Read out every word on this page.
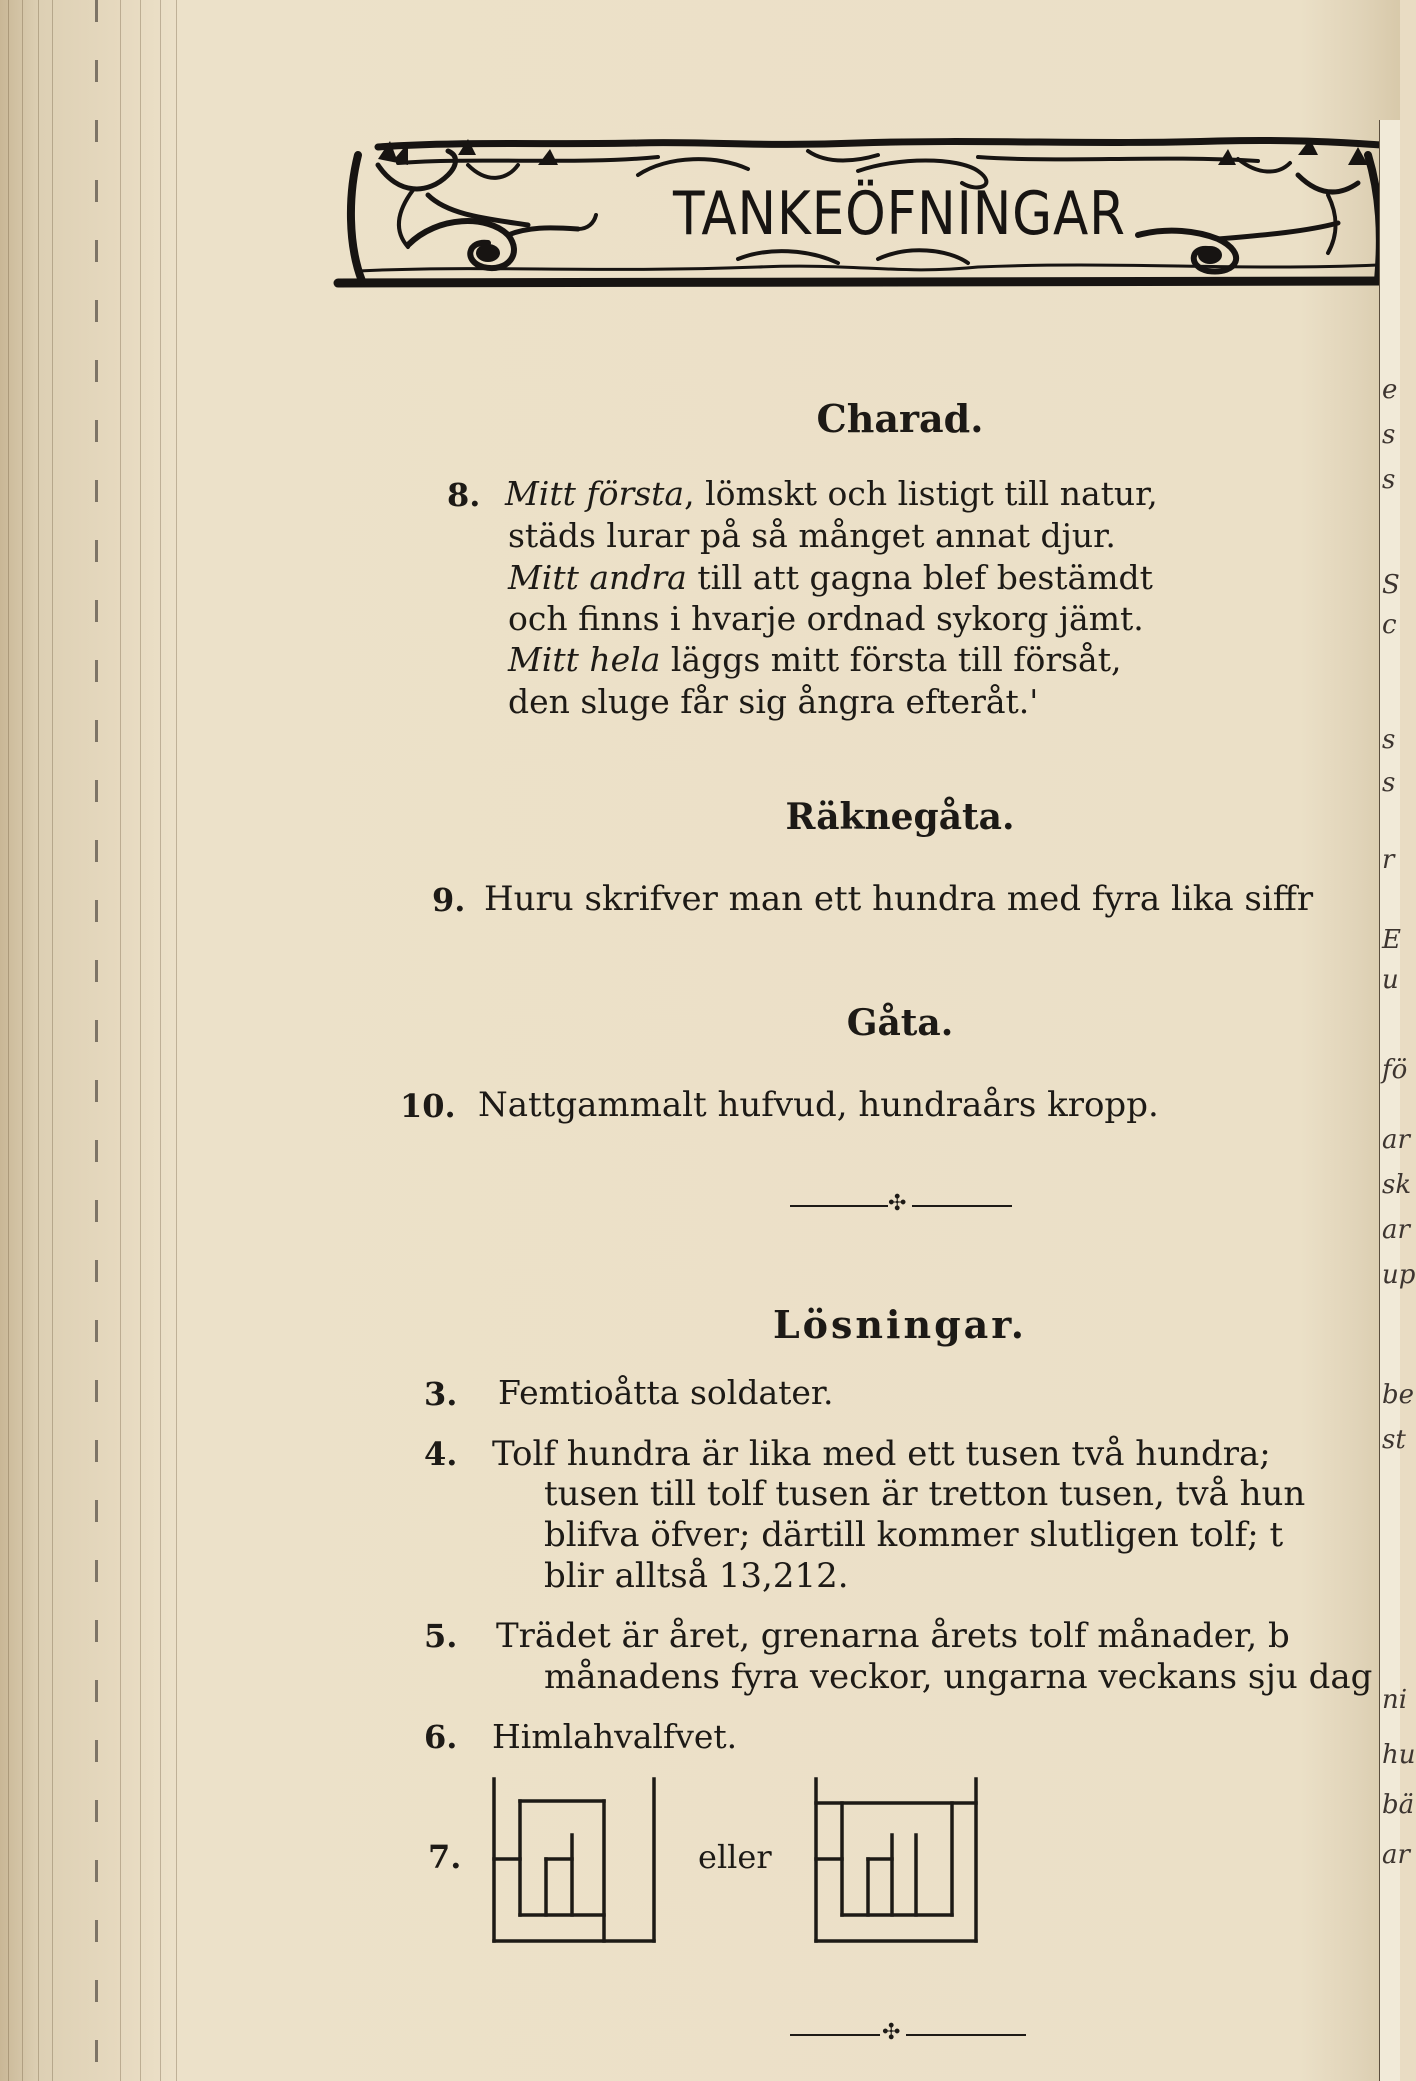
TANKEÖFNINGAR
Charad.
8. Mitt första, lömskt och listigt till natur,
städs lurar på så månget annat djur.
Mitt andra till att gagna blef bestämdt
och finns i hvarje ordnad sykorg jämt.
Mitt hela läggs mitt första till försåt,
den sluge får sig ångra efteråt.'
Räknegåta.
9. Huru skrifver man ett hundra med fyra lika siffr
Gåta.
10. Nattgammalt hufvud, hundraårs kropp.
✣
Lösningar.
3. Femtioåtta soldater.
4. Tolf hundra är lika med ett tusen två hundra;
tusen till tolf tusen är tretton tusen, två hun
blifva öfver; därtill kommer slutligen tolf; t
blir alltså 13,212.
5. Trädet är året, grenarna årets tolf månader, b
månadens fyra veckor, ungarna veckans sju dag
6. Himlahvalfvet.
7.	eller
✣
e
s
s
S
c
s
s
r
E
u
fö
ar
sk
ar
up
be
st
ni
hu
bä
ar
